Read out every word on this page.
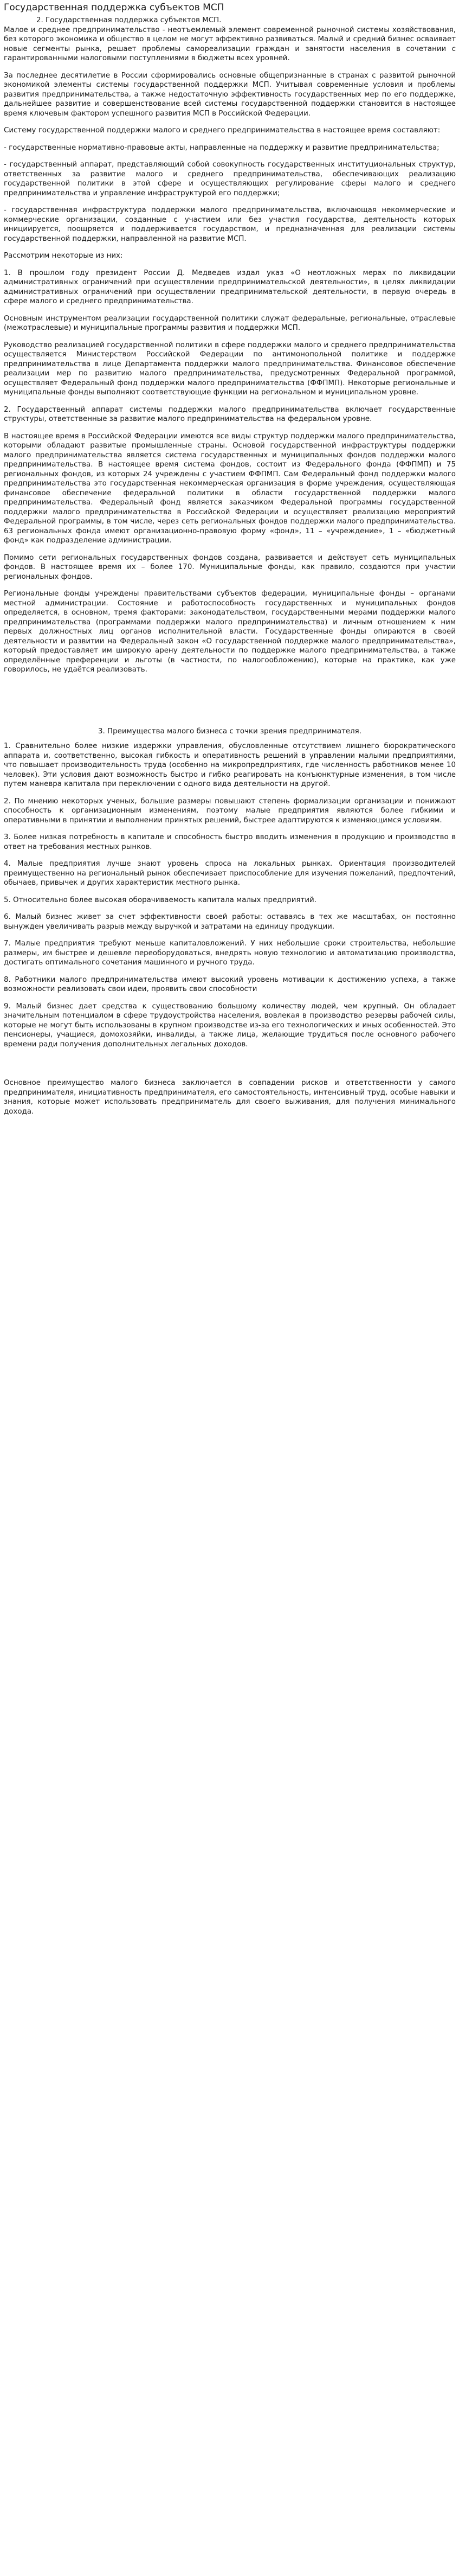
Государственная поддержка субъектов МСП
2. Государственная поддержка субъектов МСП.

Малое и среднее предпринимательство - неотъемлемый элемент современной рыночной системы хозяйствования, без которого экономика и общество в целом не могут эффективно развиваться. Малый и средний бизнес осваивает новые сегменты рынка, решает проблемы самореализации граждан и занятости населения в сочетании с гарантированными налоговыми поступлениями в бюджеты всех уровней.

За последнее десятилетие в России сформировались основные общепризнанные в странах с развитой рыночной экономикой элементы системы государственной поддержки МСП. Учитывая современные условия и проблемы развития предпринимательства, а также недостаточную эффективность государственных мер по его поддержке, дальнейшее развитие и совершенствование всей системы государственной поддержки становится в настоящее время ключевым фактором успешного развития МСП в Российской Федерации.

Систему государственной поддержки малого и среднего предпринимательства в настоящее время составляют:

- государственные нормативно-правовые акты, направленные на поддержку и развитие предпринимательства;

- государственный аппарат, представляющий собой совокупность государственных институциональных структур, ответственных за развитие малого и среднего предпринимательства, обеспечивающих реализацию государственной политики в этой сфере и осуществляющих регулирование сферы малого и среднего предпринимательства и управление инфраструктурой его поддержки;

- государственная инфраструктура поддержки малого предпринимательства, включающая некоммерческие и коммерческие организации, созданные с участием или без участия государства, деятельность которых инициируется, поощряется и поддерживается государством, и предназначенная для реализации системы государственной поддержки, направленной на развитие МСП.

Рассмотрим некоторые из них:

1. В прошлом году президент России Д. Медведев издал указ «О неотложных мерах по ликвидации административных ограничений при осуществлении предпринимательской деятельности», в целях ликвидации административных ограничений при осуществлении предпринимательской деятельности, в первую очередь в сфере малого и среднего предпринимательства.

Основным инструментом реализации государственной политики служат федеральные, региональные, отраслевые (межотраслевые) и муниципальные программы развития и поддержки МСП.

Руководство реализацией государственной политики в сфере поддержки малого и среднего предпринимательства осуществляется Министерством Российской Федерации по антимонопольной политике и поддержке предпринимательства в лице Департамента поддержки малого предпринимательства. Финансовое обеспечение реализации мер по развитию малого предпринимательства, предусмотренных Федеральной программой, осуществляет Федеральный фонд поддержки малого предпринимательства (ФФПМП). Некоторые региональные и муниципальные фонды выполняют соответствующие функции на региональном и муниципальном уровне.

2. Государственный аппарат системы поддержки малого предпринимательства включает государственные структуры, ответственные за развитие малого предпринимательства на федеральном уровне.

В настоящее время в Российской Федерации имеются все виды структур поддержки малого предпринимательства, которыми обладают развитые промышленные страны. Основой государственной инфраструктуры поддержки малого предпринимательства является система государственных и муниципальных фондов поддержки малого предпринимательства. В настоящее время система фондов, состоит из Федерального фонда (ФФПМП) и 75 региональных фондов, из которых 24 учреждены с участием ФФПМП. Сам Федеральный фонд поддержки малого предпринимательства это государственная некоммерческая организация в форме учреждения, осуществляющая финансовое обеспечение федеральной политики в области государственной поддержки малого предпринимательства. Федеральный фонд является заказчиком Федеральной программы государственной поддержки малого предпринимательства в Российской Федерации и осуществляет реализацию мероприятий Федеральной программы, в том числе, через сеть региональных фондов поддержки малого предпринимательства. 63 региональных фонда имеют организационно-правовую форму «фонд», 11 – «учреждение», 1 – «бюджетный фонд» как подразделение администрации.

Помимо сети региональных государственных фондов создана, развивается и действует сеть муниципальных фондов. В настоящее время их – более 170. Муниципальные фонды, как правило, создаются при участии региональных фондов.

Региональные фонды учреждены правительствами субъектов федерации, муниципальные фонды – органами местной администрации. Состояние и работоспособность государственных и муниципальных фондов определяется, в основном, тремя факторами: законодательством, государственными мерами поддержки малого предпринимательства (программами поддержки малого предпринимательства) и личным отношением к ним первых должностных лиц органов исполнительной власти. Государственные фонды опираются в своей деятельности и развитии на Федеральный закон «О государственной поддержке малого предпринимательства», который предоставляет им широкую арену деятельности по поддержке малого предпринимательства, а также определённые преференции и льготы (в частности, по налогообложению), которые на практике, как уже говорилось, не удаётся реализовать.

3. Преимущества малого бизнеса с точки зрения предпринимателя.

1. Сравнительно более низкие издержки управления, обусловленные отсутствием лишнего бюрократического аппарата и, соответственно, высокая гибкость и оперативность решений в управлении малыми предприятиями, что повышает производительность труда (особенно на микропредприятиях, где численность работников менее 10 человек). Эти условия дают возможность быстро и гибко реагировать на конъюнктурные изменения, в том числе путем маневра капитала при переключении с одного вида деятельности на другой.

2. По мнению некоторых ученых, большие размеры повышают степень формализации организации и понижают способность к организационным изменениям, поэтому малые предприятия являются более гибкими и оперативными в принятии и выполнении принятых решений, быстрее адаптируются к изменяющимся условиям.

3. Более низкая потребность в капитале и способность быстро вводить изменения в продукцию и производство в ответ на требования местных рынков.

4. Малые предприятия лучше знают уровень спроса на локальных рынках. Ориентация производителей преимущественно на региональный рынок обеспечивает приспособление для изучения пожеланий, предпочтений, обычаев, привычек и других характеристик местного рынка.

5. Относительно более высокая оборачиваемость капитала малых предприятий.

6. Малый бизнес живет за счет эффективности своей работы: оставаясь в тех же масштабах, он постоянно вынужден увеличивать разрыв между выручкой и затратами на единицу продукции.

7. Малые предприятия требуют меньше капиталовложений. У них небольшие сроки строительства, небольшие размеры, им быстрее и дешевле переоборудоваться, внедрять новую технологию и автоматизацию производства, достигать оптимального сочетания машинного и ручного труда.

8. Работники малого предпринимательства имеют высокий уровень мотивации к достижению успеха, а также возможности реализовать свои идеи, проявить свои способности

9. Малый бизнес дает средства к существованию большому количеству людей, чем крупный. Он обладает значительным потенциалом в сфере трудоустройства населения, вовлекая в производство резервы рабочей силы, которые не могут быть использованы в крупном производстве из-за его технологических и иных особенностей. Это пенсионеры, учащиеся, домохозяйки, инвалиды, а также лица, желающие трудиться после основного рабочего времени ради получения дополнительных легальных доходов.

Основное преимущество малого бизнеса заключается в совпадении рисков и ответственности у самого предпринимателя, инициативность предпринимателя, его самостоятельность, интенсивный труд, особые навыки и знания, которые может использовать предприниматель для своего выживания, для получения минимального дохода.
